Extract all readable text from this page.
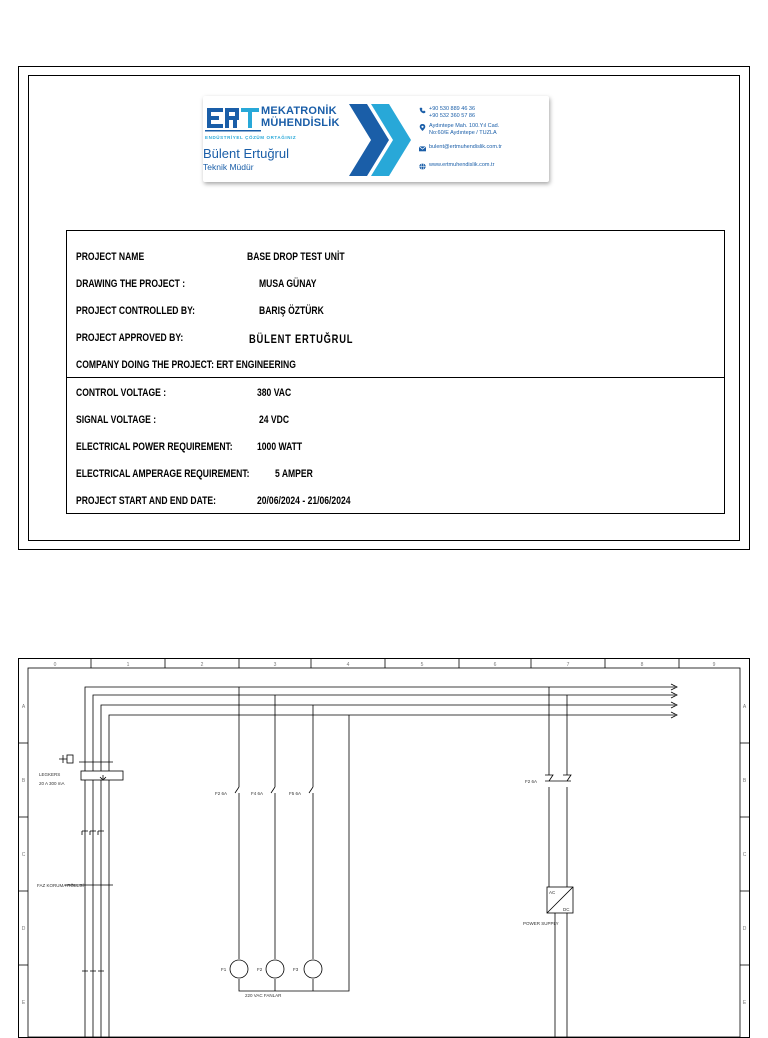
MEKATRONİK
MÜHENDİSLİK
ENDÜSTRİYEL ÇÖZÜM ORTAĞINIZ
Bülent Ertuğrul
Teknik Müdür
+90 530 889 46 36
+90 532 360 57 86
Aydıntepe Mah. 100.Yıl Cad.
No:60/E Aydıntepe / TUZLA
bulent@ertmuhendislik.com.tr
www.ertmuhendislik.com.tr
PROJECT NAME	BASE DROP TEST UNİT
DRAWING THE PROJECT :	MUSA GÜNAY
PROJECT CONTROLLED BY:	BARIŞ ÖZTÜRK
PROJECT APPROVED BY:	BÜLENT ERTUĞRUL
COMPANY DOING THE PROJECT: ERT ENGINEERING
CONTROL VOLTAGE :	380 VAC
SIGNAL VOLTAGE :	24 VDC
ELECTRICAL POWER REQUIREMENT: 1000 WATT
ELECTRICAL AMPERAGE REQUIREMENT: 5 AMPER
PROJECT START AND END DATE:	20/06/2024 - 21/06/2024
0	1	2	3	4	5	6	7	8	9
A
B
C
D
E
A
B
C
D
E
LEGKERS
20 A 300 mA
FAZ KORUMA RÖLESİ
F2 6A	F4 6A	F5 6A
F2 6A
F1	F2	F3
220 VAC FANLAR
POWER SUPPLY
AC
DC
